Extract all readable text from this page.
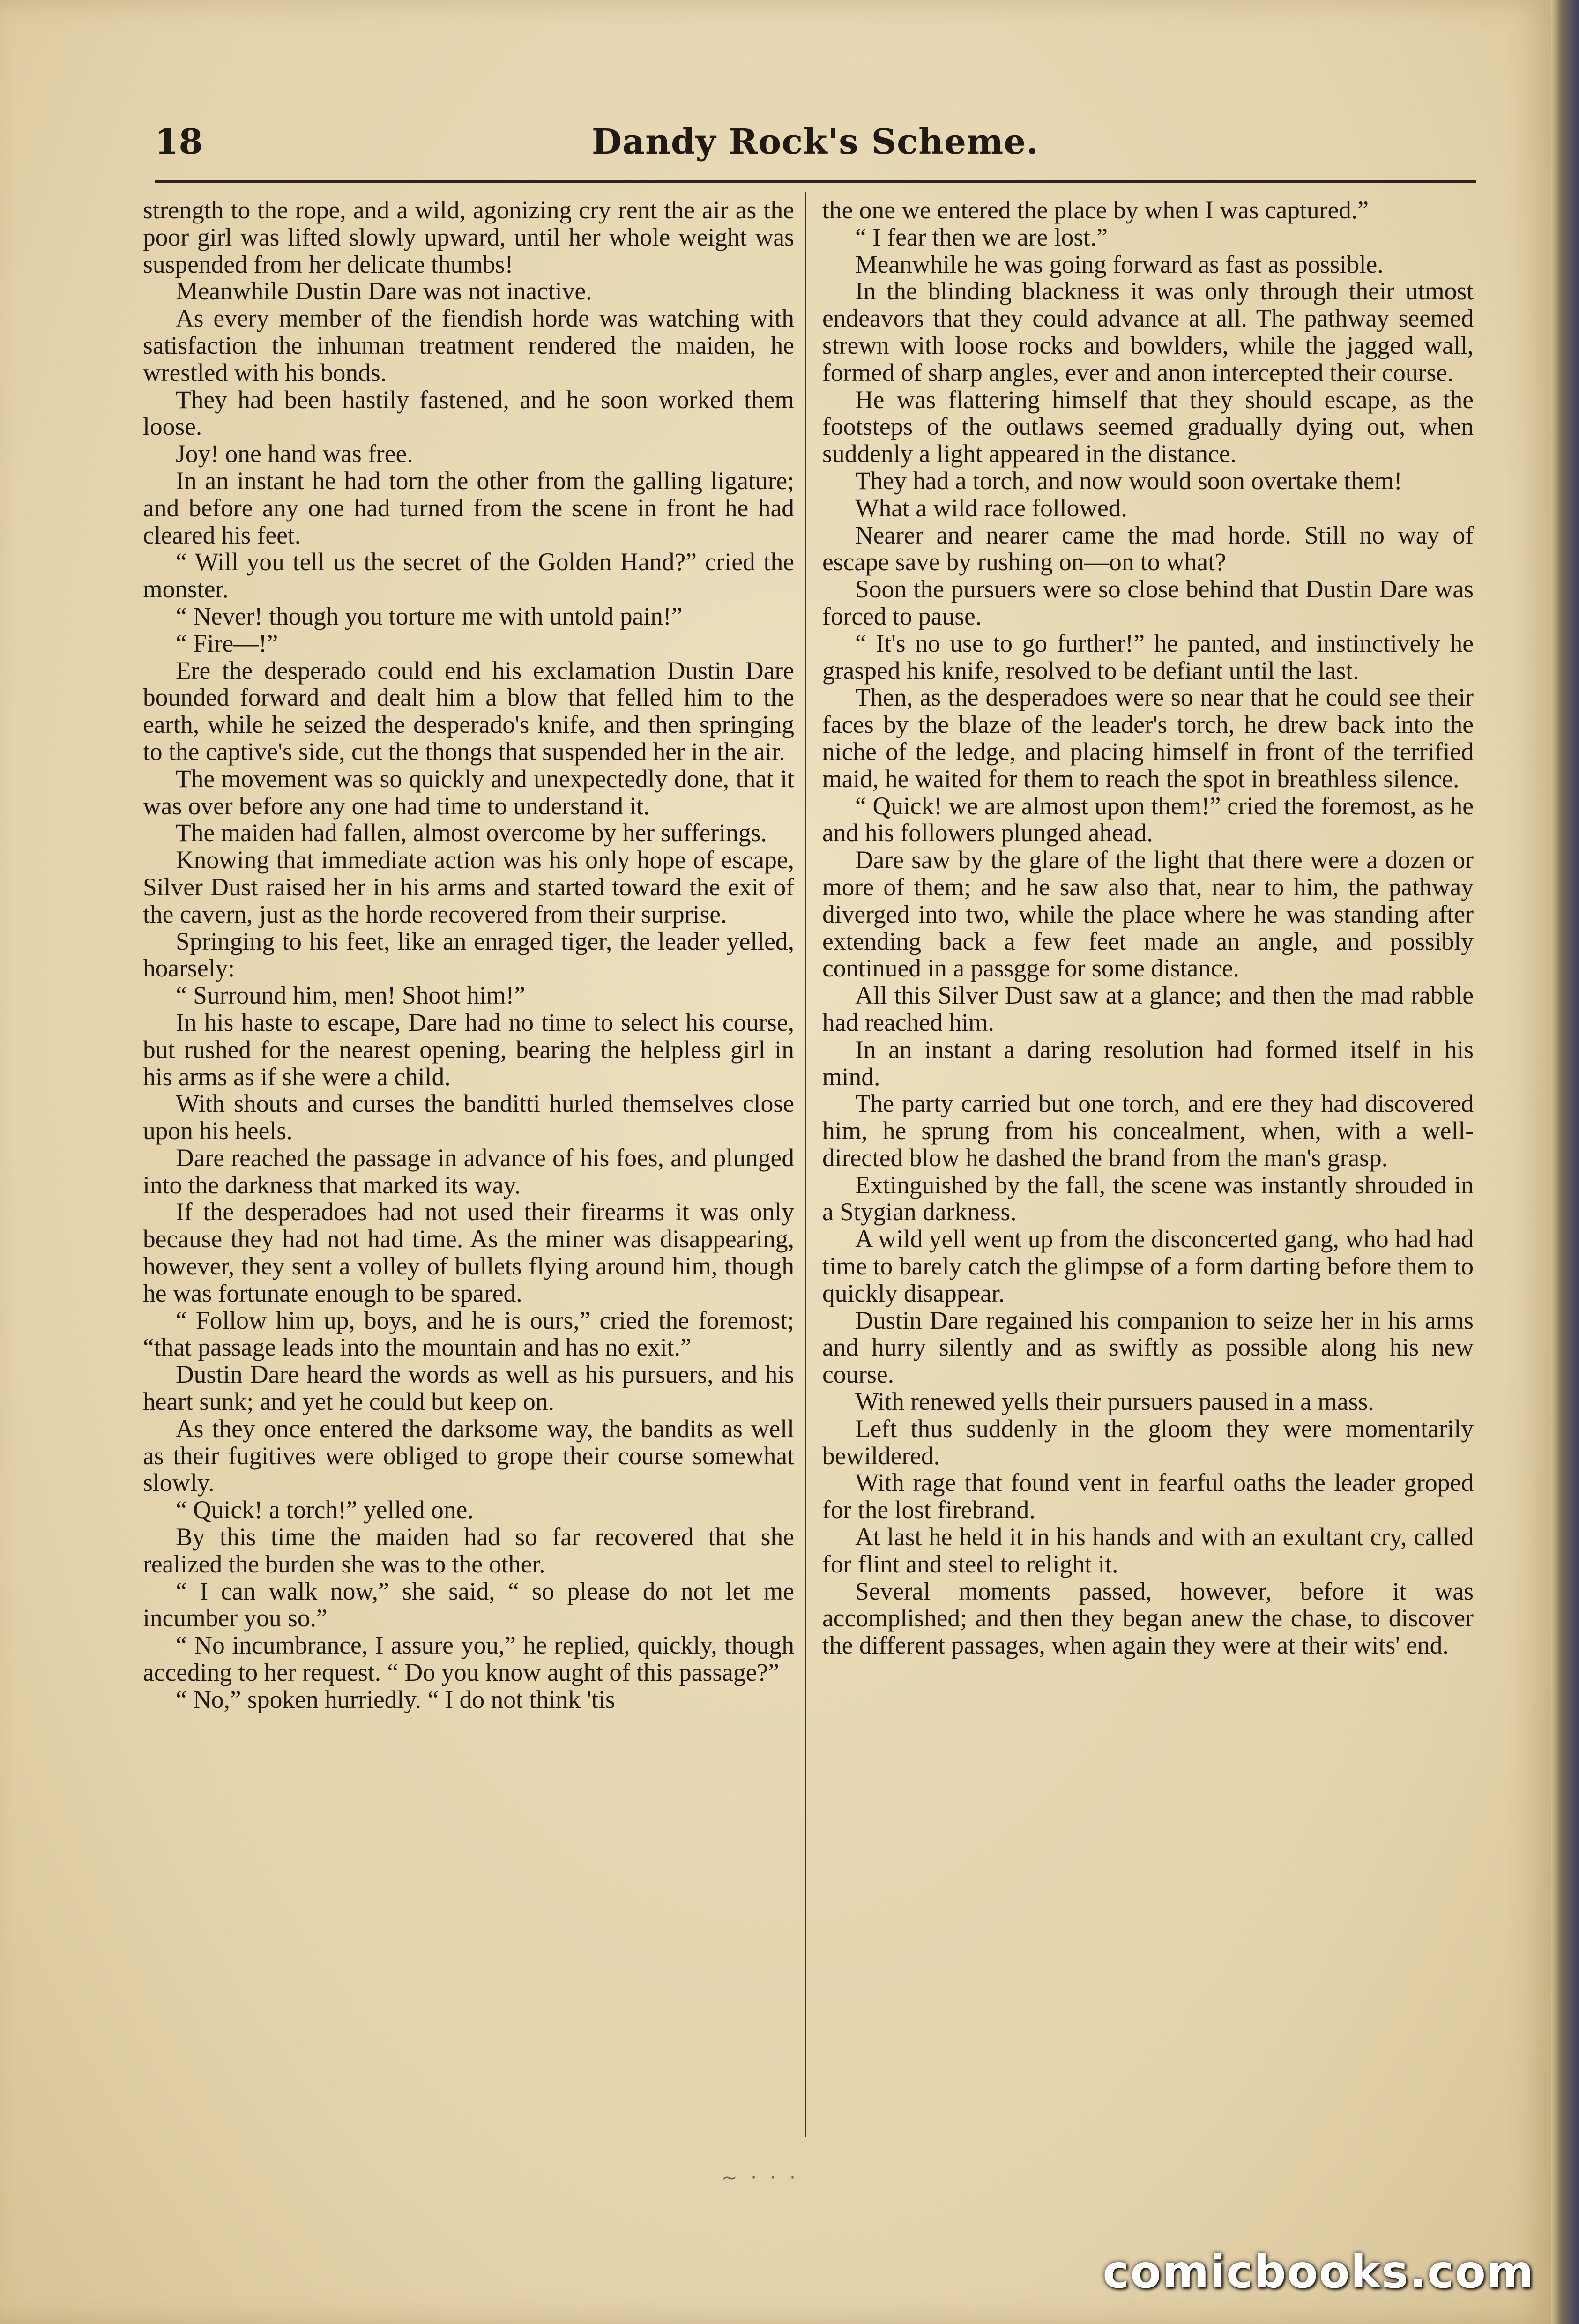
18	Dandy Rock's Scheme.

strength to the rope, and a wild, agonizing cry rent the air as the poor girl was lifted slowly upward, until her whole weight was suspended from her delicate thumbs!

Meanwhile Dustin Dare was not inactive.

As every member of the fiendish horde was watching with satisfaction the inhuman treatment rendered the maiden, he wrestled with his bonds.

They had been hastily fastened, and he soon worked them loose.

Joy! one hand was free.

In an instant he had torn the other from the galling ligature; and before any one had turned from the scene in front he had cleared his feet.

“ Will you tell us the secret of the Golden Hand?” cried the monster.

“ Never! though you torture me with untold pain!”

“ Fire—!”

Ere the desperado could end his exclamation Dustin Dare bounded forward and dealt him a blow that felled him to the earth, while he seized the desperado's knife, and then springing to the captive's side, cut the thongs that suspended her in the air.

The movement was so quickly and unexpectedly done, that it was over before any one had time to understand it.

The maiden had fallen, almost overcome by her sufferings.

Knowing that immediate action was his only hope of escape, Silver Dust raised her in his arms and started toward the exit of the cavern, just as the horde recovered from their surprise.

Springing to his feet, like an enraged tiger, the leader yelled, hoarsely:

“ Surround him, men! Shoot him!”

In his haste to escape, Dare had no time to select his course, but rushed for the nearest opening, bearing the helpless girl in his arms as if she were a child.

With shouts and curses the banditti hurled themselves close upon his heels.

Dare reached the passage in advance of his foes, and plunged into the darkness that marked its way.

If the desperadoes had not used their firearms it was only because they had not had time. As the miner was disappearing, however, they sent a volley of bullets flying around him, though he was fortunate enough to be spared.

“ Follow him up, boys, and he is ours,” cried the foremost; “that passage leads into the mountain and has no exit.”

Dustin Dare heard the words as well as his pursuers, and his heart sunk; and yet he could but keep on.

As they once entered the darksome way, the bandits as well as their fugitives were obliged to grope their course somewhat slowly.

“ Quick! a torch!” yelled one.

By this time the maiden had so far recovered that she realized the burden she was to the other.

“ I can walk now,” she said, “ so please do not let me incumber you so.”

“ No incumbrance, I assure you,” he replied, quickly, though acceding to her request. “ Do you know aught of this passage?”

“ No,” spoken hurriedly. “ I do not think 'tis

the one we entered the place by when I was captured.”

“ I fear then we are lost.”

Meanwhile he was going forward as fast as possible.

In the blinding blackness it was only through their utmost endeavors that they could advance at all. The pathway seemed strewn with loose rocks and bowlders, while the jagged wall, formed of sharp angles, ever and anon intercepted their course.

He was flattering himself that they should escape, as the footsteps of the outlaws seemed gradually dying out, when suddenly a light appeared in the distance.

They had a torch, and now would soon overtake them!

What a wild race followed.

Nearer and nearer came the mad horde. Still no way of escape save by rushing on—on to what?

Soon the pursuers were so close behind that Dustin Dare was forced to pause.

“ It's no use to go further!” he panted, and instinctively he grasped his knife, resolved to be defiant until the last.

Then, as the desperadoes were so near that he could see their faces by the blaze of the leader's torch, he drew back into the niche of the ledge, and placing himself in front of the terrified maid, he waited for them to reach the spot in breathless silence.

“ Quick! we are almost upon them!” cried the foremost, as he and his followers plunged ahead.

Dare saw by the glare of the light that there were a dozen or more of them; and he saw also that, near to him, the pathway diverged into two, while the place where he was standing after extending back a few feet made an angle, and possibly continued in a passgge for some distance.

All this Silver Dust saw at a glance; and then the mad rabble had reached him.

In an instant a daring resolution had formed itself in his mind.

The party carried but one torch, and ere they had discovered him, he sprung from his concealment, when, with a well-directed blow he dashed the brand from the man's grasp.

Extinguished by the fall, the scene was instantly shrouded in a Stygian darkness.

A wild yell went up from the disconcerted gang, who had had time to barely catch the glimpse of a form darting before them to quickly disappear.

Dustin Dare regained his companion to seize her in his arms and hurry silently and as swiftly as possible along his new course.

With renewed yells their pursuers paused in a mass.

Left thus suddenly in the gloom they were momentarily bewildered.

With rage that found vent in fearful oaths the leader groped for the lost firebrand.

At last he held it in his hands and with an exultant cry, called for flint and steel to relight it.

Several moments passed, however, before it was accomplished; and then they began anew the chase, to discover the different passages, when again they were at their wits' end.

~ · · ·
comicbooks.com
